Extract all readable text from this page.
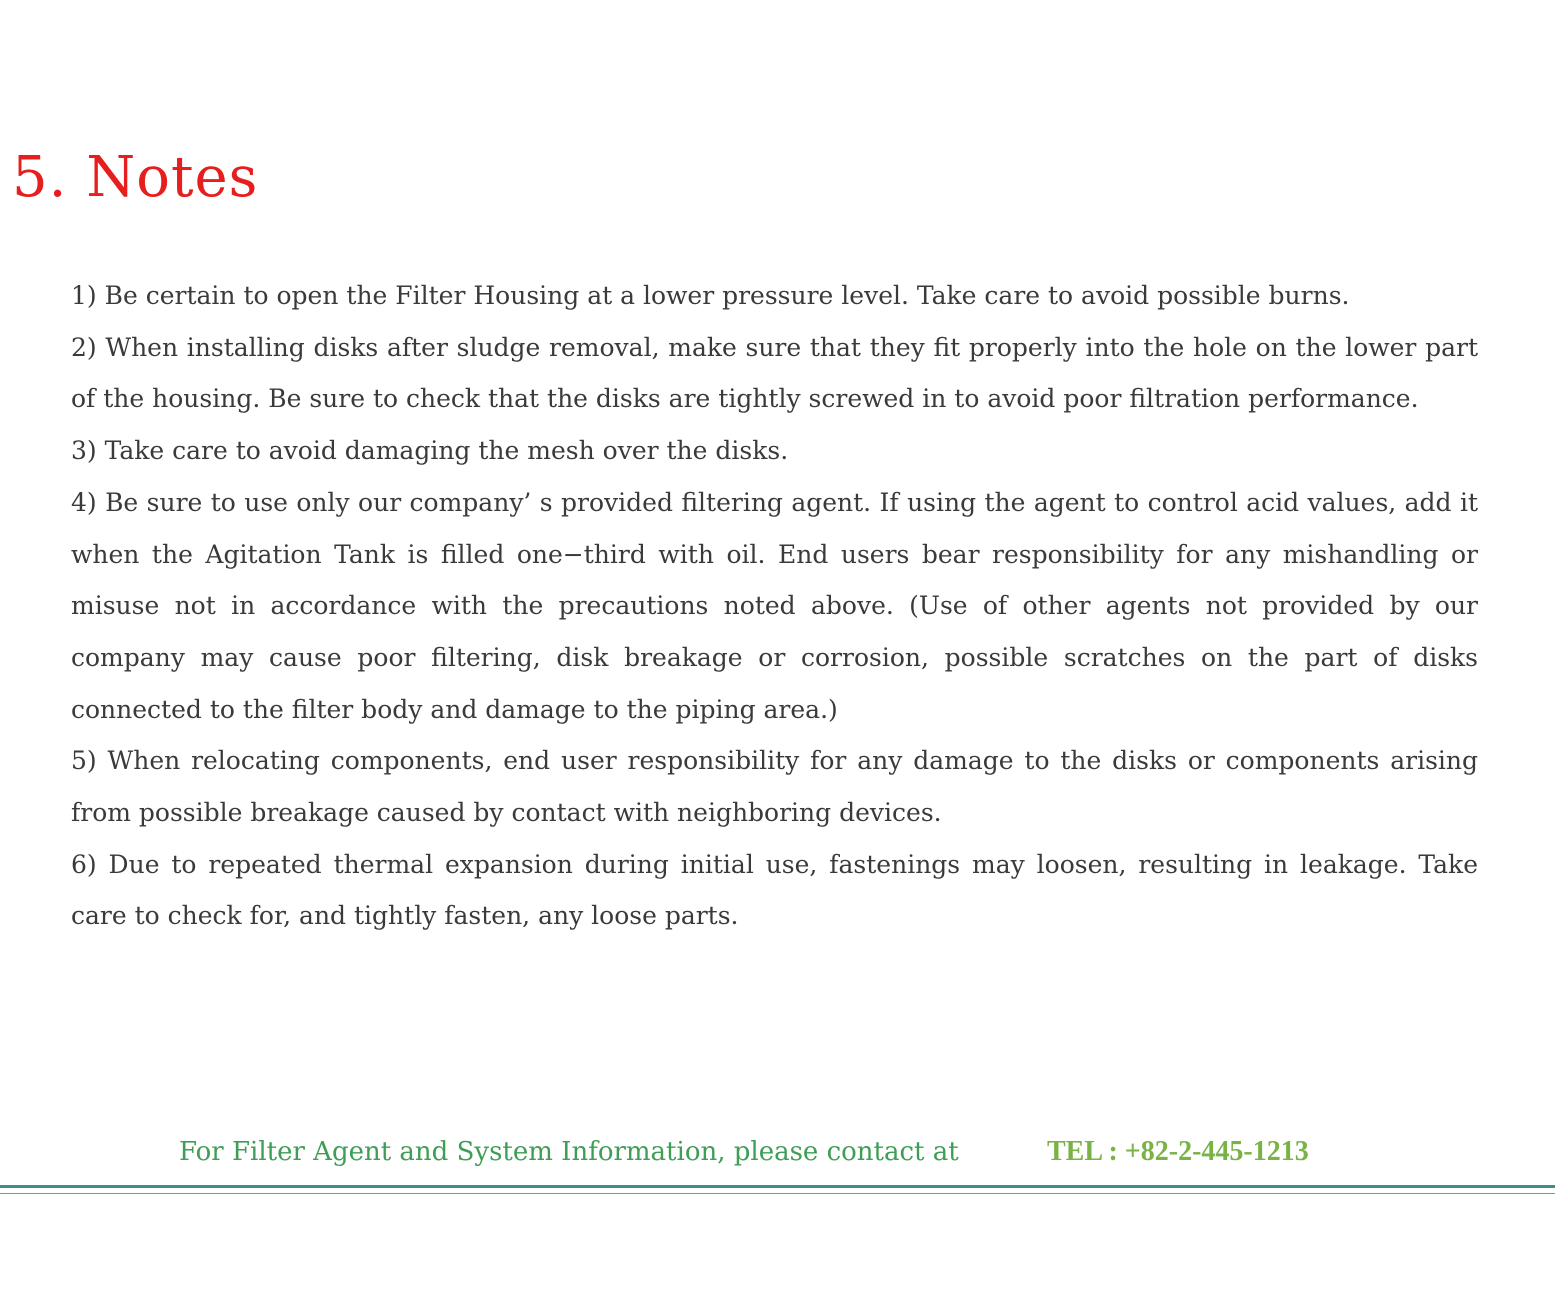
5. Notes
1) Be certain to open the Filter Housing at a lower pressure level. Take care to avoid possible burns.
2) When installing disks after sludge removal, make sure that they fit properly into the hole on the lower part of the housing. Be sure to check that the disks are tightly screwed in to avoid poor filtration performance.
3) Take care to avoid damaging the mesh over the disks.
4) Be sure to use only our company’ s provided filtering agent. If using the agent to control acid values, add it when the Agitation Tank is filled one−third with oil. End users bear responsibility for any mishandling or misuse not in accordance with the precautions noted above. (Use of other agents not provided by our company may cause poor filtering, disk breakage or corrosion, possible scratches on the part of disks connected to the filter body and damage to the piping area.)
5) When relocating components, end user responsibility for any damage to the disks or components arising from possible breakage caused by contact with neighboring devices.
6) Due to repeated thermal expansion during initial use, fastenings may loosen, resulting in leakage. Take care to check for, and tightly fasten, any loose parts.
For Filter Agent and System Information, please contact at	TEL : +82-2-445-1213
